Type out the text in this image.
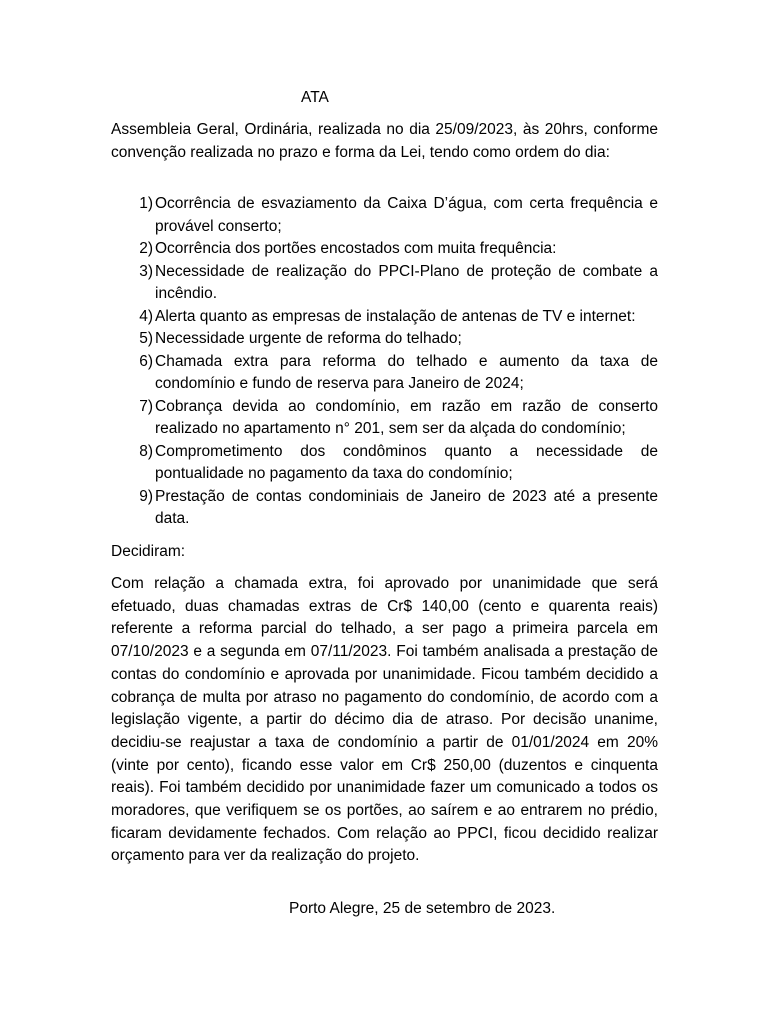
ATA

Assembleia Geral, Ordinária, realizada no dia 25/09/2023, às 20hrs, conforme convenção realizada no prazo e forma da Lei, tendo como ordem do dia:

1) Ocorrência de esvaziamento da Caixa D’água, com certa frequência e provável conserto;
2) Ocorrência dos portões encostados com muita frequência:
3) Necessidade de realização do PPCI-Plano de proteção de combate a incêndio.
4) Alerta quanto as empresas de instalação de antenas de TV e internet:
5) Necessidade urgente de reforma do telhado;
6) Chamada extra para reforma do telhado e aumento da taxa de condomínio e fundo de reserva para Janeiro de 2024;
7) Cobrança devida ao condomínio, em razão em razão de conserto realizado no apartamento n° 201, sem ser da alçada do condomínio;
8) Comprometimento dos condôminos quanto a necessidade de pontualidade no pagamento da taxa do condomínio;
9) Prestação de contas condominiais de Janeiro de 2023 até a presente data.
Decidiram:

Com relação a chamada extra, foi aprovado por unanimidade que será efetuado, duas chamadas extras de Cr$ 140,00 (cento e quarenta reais) referente a reforma parcial do telhado, a ser pago a primeira parcela em 07/10/2023 e a segunda em 07/11/2023. Foi também analisada a prestação de contas do condomínio e aprovada por unanimidade. Ficou também decidido a cobrança de multa por atraso no pagamento do condomínio, de acordo com a legislação vigente, a partir do décimo dia de atraso. Por decisão unanime, decidiu-se reajustar a taxa de condomínio a partir de 01/01/2024 em 20% (vinte por cento), ficando esse valor em Cr$ 250,00 (duzentos e cinquenta reais). Foi também decidido por unanimidade fazer um comunicado a todos os moradores, que verifiquem se os portões, ao saírem e ao entrarem no prédio, ficaram devidamente fechados. Com relação ao PPCI, ficou decidido realizar orçamento para ver da realização do projeto.

Porto Alegre, 25 de setembro de 2023.
